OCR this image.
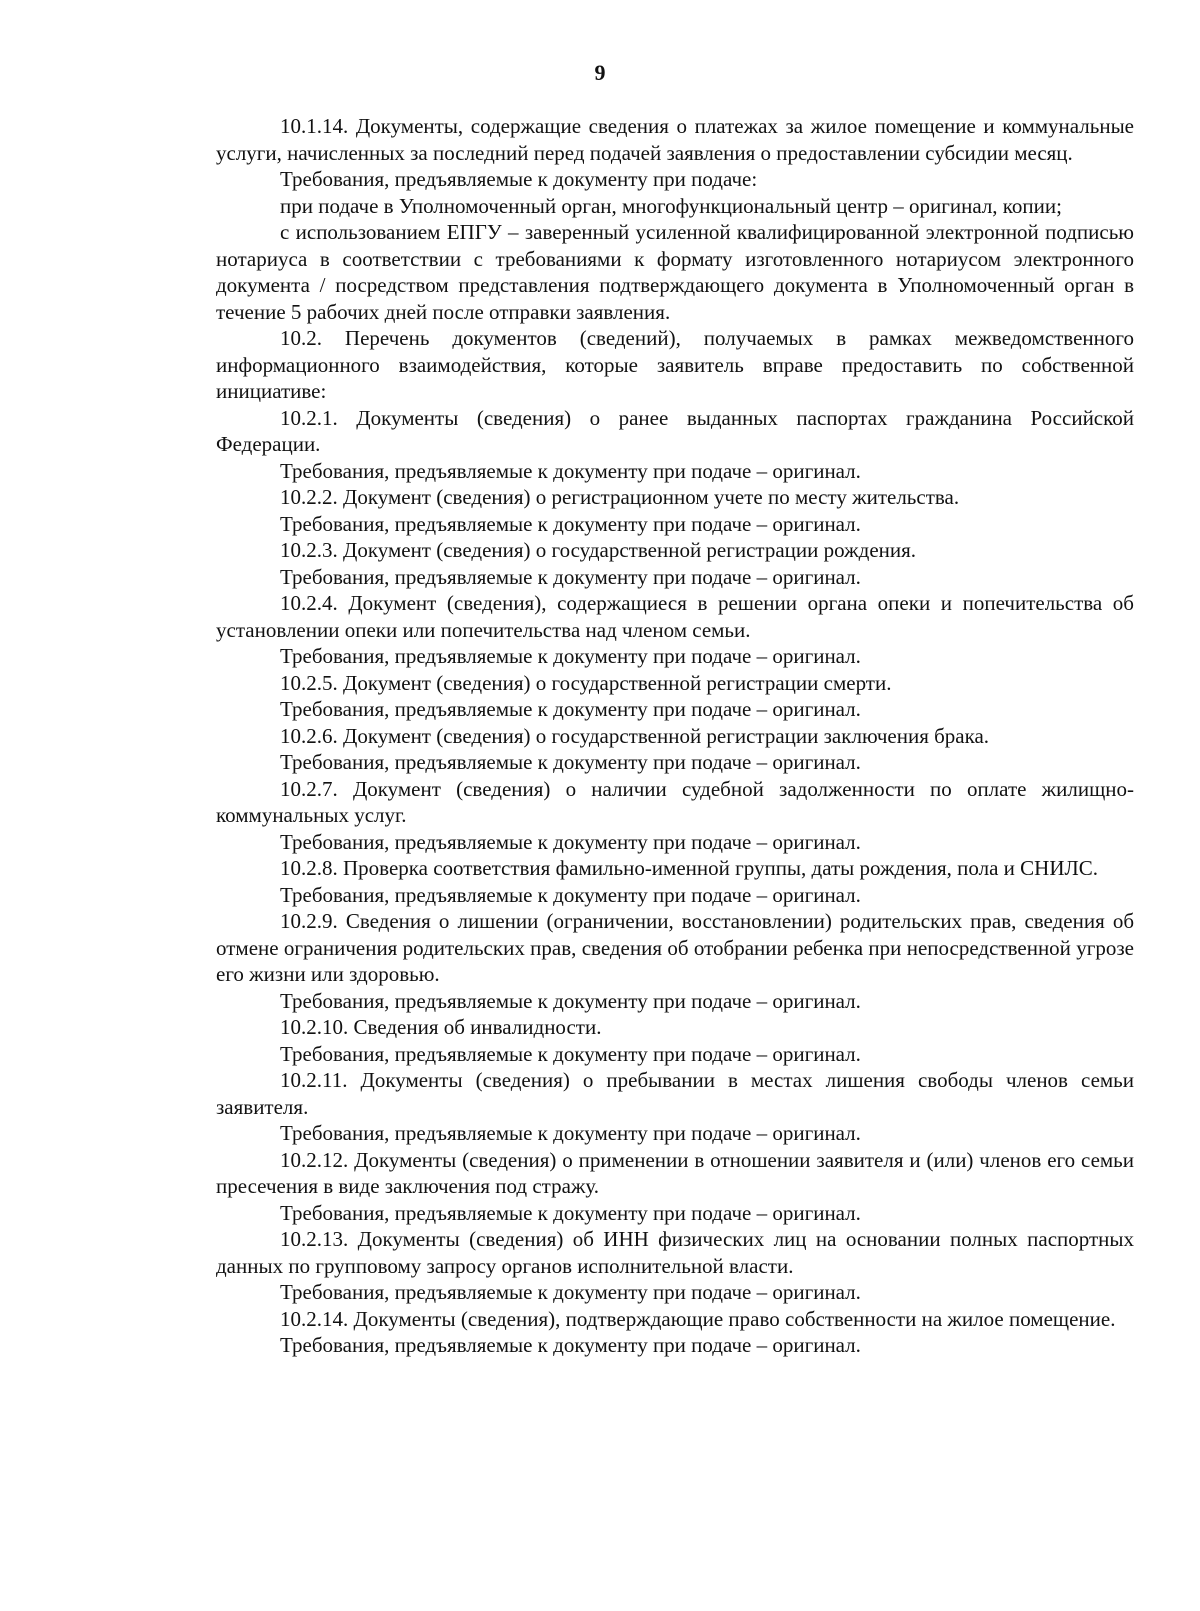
9

10.1.14. Документы, содержащие сведения о платежах за жилое помещение и коммунальные услуги, начисленных за последний перед подачей заявления о предоставлении субсидии месяц.

Требования, предъявляемые к документу при подаче:

при подаче в Уполномоченный орган, многофункциональный центр – оригинал, копии;

с использованием ЕПГУ – заверенный усиленной квалифицированной электронной подписью нотариуса в соответствии с требованиями к формату изготовленного нотариусом электронного документа / посредством представления подтверждающего документа в Уполномоченный орган в течение 5 рабочих дней после отправки заявления.

10.2. Перечень документов (сведений), получаемых в рамках межведомственного информационного взаимодействия, которые заявитель вправе предоставить по собственной инициативе:

10.2.1. Документы (сведения) о ранее выданных паспортах гражданина Российской Федерации.

Требования, предъявляемые к документу при подаче – оригинал.

10.2.2. Документ (сведения) о регистрационном учете по месту жительства.

Требования, предъявляемые к документу при подаче – оригинал.

10.2.3. Документ (сведения) о государственной регистрации рождения.

Требования, предъявляемые к документу при подаче – оригинал.

10.2.4. Документ (сведения), содержащиеся в решении органа опеки и попечительства об установлении опеки или попечительства над членом семьи.

Требования, предъявляемые к документу при подаче – оригинал.

10.2.5. Документ (сведения) о государственной регистрации смерти.

Требования, предъявляемые к документу при подаче – оригинал.

10.2.6. Документ (сведения) о государственной регистрации заключения брака.

Требования, предъявляемые к документу при подаче – оригинал.

10.2.7. Документ (сведения) о наличии судебной задолженности по оплате жилищно-коммунальных услуг.

Требования, предъявляемые к документу при подаче – оригинал.

10.2.8. Проверка соответствия фамильно-именной группы, даты рождения, пола и СНИЛС.

Требования, предъявляемые к документу при подаче – оригинал.

10.2.9. Сведения о лишении (ограничении, восстановлении) родительских прав, сведения об отмене ограничения родительских прав, сведения об отобрании ребенка при непосредственной угрозе его жизни или здоровью.

Требования, предъявляемые к документу при подаче – оригинал.

10.2.10. Сведения об инвалидности.

Требования, предъявляемые к документу при подаче – оригинал.

10.2.11. Документы (сведения) о пребывании в местах лишения свободы членов семьи заявителя.

Требования, предъявляемые к документу при подаче – оригинал.

10.2.12. Документы (сведения) о применении в отношении заявителя и (или) членов его семьи пресечения в виде заключения под стражу.

Требования, предъявляемые к документу при подаче – оригинал.

10.2.13. Документы (сведения) об ИНН физических лиц на основании полных паспортных данных по групповому запросу органов исполнительной власти.

Требования, предъявляемые к документу при подаче – оригинал.

10.2.14. Документы (сведения), подтверждающие право собственности на жилое помещение.

Требования, предъявляемые к документу при подаче – оригинал.
